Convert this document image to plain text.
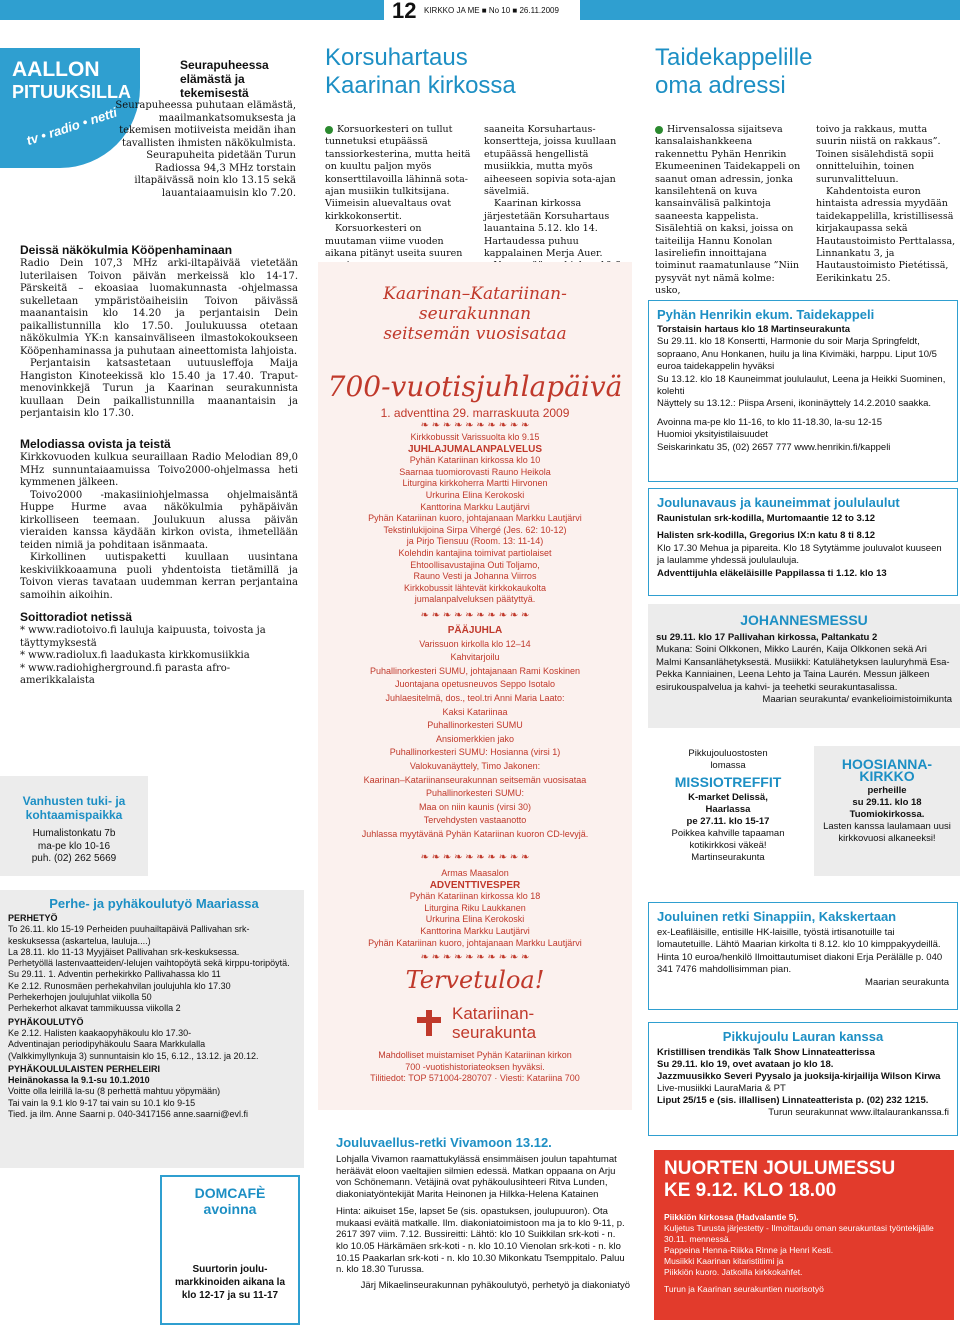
12 KIRKKO JA ME ■ No 10 ■ 26.11.2009
AALLON
PITUUKSILLA
tv • radio • netti
Seurapuheessa elämästä ja tekemisestä
Seurapuheessa puhutaan elämästä, maailmankatsomuksesta ja tekemisen motiiveista meidän ihan tavallisten ihmisten näkökulmista. Seurapuheita pidetään Turun Radiossa 94,3 MHz torstain iltapäivässä noin klo 13.15 sekä lauantaiaamuisin klo 7.20.
Deissä näkökulmia Kööpenhaminaan

Radio Dein 107,3 MHz arki-iltapäivää vietetään luterilaisen Toivon päivän merkeissä klo 14-17. Pärskeitä – ekoasiaa luomakunnasta -ohjelmassa sukelletaan ympäristöaiheisiin Toivon päivässä maanantaisin klo 14.20 ja perjantaisin Dein paikallistunnilla klo 17.50. Joulukuussa otetaan näkökulmia YK:n kansainväliseen ilmastokokoukseen Kööpenhaminassa ja puhutaan aineettomista lahjoista.

Perjantaisin katsastetaan uutuusleffoja Maija Hangiston Kinoteekissä klo 15.40 ja 17.40. Traput-menovinkkejä Turun ja Kaarinan seurakunnista kuullaan Dein paikallistunnilla maanantaisin ja perjantaisin klo 17.30.

Melodiassa ovista ja teistä

Kirkkovuoden kulkua seuraillaan Radio Melodian 89,0 MHz sunnuntaiaamuissa Toivo2000-ohjelmassa heti kymmenen jälkeen.

Toivo2000 -makasiiniohjelmassa ohjelmaisäntä Huppe Hurme avaa näkökulmia pyhäpäivän kirkolliseen teemaan. Joulukuun alussa päivän vieraiden kanssa käydään kirkon ovista, ihmetellään teiden nimiä ja pohditaan isänmaata.

Kirkollinen uutispaketti kuullaan uusintana keskiviikkoaamuna puoli yhdentoista tietämillä ja Toivon vieras tavataan uudemman kerran perjantaina samoihin aikoihin.

Soittoradiot netissä

* www.radiotoivo.fi lauluja kaipuusta, toivosta ja täyttymyksestä

* www.radiolux.fi laadukasta kirkkomusiikkia

* www.radiohigherground.fi parasta afro-amerikkalaista

Vanhusten tuki- ja
kohtaamispaikka
Humalistonkatu 7b
ma-pe klo 10-16
puh. (02) 262 5669
Perhe- ja pyhäkoulutyö Maariassa
PERHETYÖ
To 26.11. klo 15-19 Perheiden puuhailtapäivä Pallivahan srk-keskuksessa (askartelua, lauluja....)
La 28.11. klo 11-13 Myyjäiset Pallivahan srk-keskuksessa.
Perhetyöllä lastenvaatteiden/-lelujen vaihtopöytä sekä kirppu-toripöytä.
Su 29.11. 1. Adventin perhekirkko Pallivahassa klo 11
Ke 2.12. Runosmäen perhekahvilan joulujuhla klo 17.30
Perhekerhojen joulujuhlat viikolla 50
Perhekerhot alkavat tammikuussa viikolla 2
PYHÄKOULUTYÖ
Ke 2.12. Halisten kaakaopyhäkoulu klo 17.30-
Adventinajan periodipyhäkoulu Saara Markkulalla
(Valkkimyllynkuja 3) sunnuntaisin klo 15, 6.12., 13.12. ja 20.12.
PYHÄKOULULAISTEN PERHELEIRI
Heinänokassa la 9.1-su 10.1.2010
Voitte olla leirillä la-su (8 perhettä mahtuu yöpymään)
Tai vain la 9.1 klo 9-17 tai vain su 10.1 klo 9-15
Tied. ja ilm. Anne Saarni p. 040-3417156 anne.saarni@evl.fi
DOMCAFÈ
avoinna
Suurtorin joulu-markkinoiden aikana la klo 12-17 ja su 11-17
Korsuhartaus
Kaarinan kirkossa

Korsuorkesteri on tullut tunnetuksi etupäässä tanssiorkesterina, mutta heitä on kuultu paljon myös konserttilavoilla lähinnä sota-ajan musiikin tulkitsijana. Viimeisin aluevaltaus ovat kirkkokonsertit.

Korsuorkesteri on muutaman viime vuoden aikana pitänyt useita suuren

saaneita Korsuhartaus-konsertteja, joissa kuullaan etupäässä hengellistä musiikkia, mutta myös aiheeseen sopivia sota-ajan sävelmiä.

Kaarinan kirkossa järjestetään Korsuhartaus lauantaina 5.12. klo 14. Hartaudessa puhuu kappalainen Merja Auer.

Kaarinan–Katariinan-
seurakunnan
seitsemän vuosisataa
700-vuotisjuhlapäivä
1. adventtina 29. marraskuuta 2009
❧ ❧ ❧ ❧ ❧ ❧ ❧ ❧ ❧ ❧
Kirkkobussit Varissuolta klo 9.15
JUHLAJUMALANPALVELUS
Pyhän Katariinan kirkossa klo 10
Saarnaa tuomiorovasti Rauno Heikola
Liturgina kirkkoherra Martti Hirvonen
Urkurina Elina Kerokoski
Kanttorina Markku Lautjärvi
Pyhän Katariinan kuoro, johtajanaan Markku Lautjärvi
Tekstinlukijoina Sirpa Vihergé (Jes. 62: 10-12)
ja Pirjo Tiensuu (Room. 13: 11-14)
Kolehdin kantajina toimivat partiolaiset
Ehtoollisavustajina Outi Toljamo,
Rauno Vesti ja Johanna Viirros
Kirkkobussit lähtevät kirkkokaukolta
jumalanpalveluksen päätyttyä.
❧ ❧ ❧ ❧ ❧ ❧ ❧ ❧ ❧ ❧
PÄÄJUHLA
Varissuon kirkolla klo 12–14
Kahvitarjoilu
Puhallinorkesteri SUMU, johtajanaan Rami Koskinen
Juontajana opetusneuvos Seppo Isotalo
Juhlaesitelmä, dos., teol.tri Anni Maria Laato:
Kaksi Katariinaa
Puhallinorkesteri SUMU
Ansiomerkkien jako
Puhallinorkesteri SUMU: Hosianna (virsi 1)
Valokuvanäyttely, Timo Jakonen:
Kaarinan–Katariinanseurakunnan seitsemän vuosisataa
Puhallinorkesteri SUMU:
Maa on niin kaunis (virsi 30)
Tervehdysten vastaanotto
Juhlassa myytävänä Pyhän Katariinan kuoron CD-levyjä.
❧ ❧ ❧ ❧ ❧ ❧ ❧ ❧ ❧ ❧
Armas Maasalon
ADVENTTIVESPER
Pyhän Katariinan kirkossa klo 18
Liturgina Riku Laukkanen
Urkurina Elina Kerokoski
Kanttorina Markku Lautjärvi
Pyhän Katariinan kuoro, johtajanaan Markku Lautjärvi
❧ ❧ ❧ ❧ ❧ ❧ ❧ ❧ ❧ ❧
Tervetuloa!
Katariinan-
seurakunta
Mahdolliset muistamiset Pyhän Katariinan kirkon
700 -vuotishistoriateoksen hyväksi.
Tilitiedot: TOP 571004-280707 · Viesti: Katariina 700
Jouluvaellus-retki Vivamoon 13.12.

Lohjalla Vivamon raamattukylässä ensimmäisen joulun tapahtumat heräävät eloon vaeltajien silmien edessä. Matkan oppaana on Arju von Schönemann. Vetäjinä ovat pyhäkoulusihteeri Ritva Lunden, diakoniatyöntekijät Marita Heinonen ja Hilkka-Helena Katainen

Hinta: aikuiset 15e, lapset 5e (sis. opastuksen, joulupuuron). Ota mukaasi eväitä matkalle. Ilm. diakoniatoimistoon ma ja to klo 9-11, p. 2617 397 viim. 7.12. Bussireitti: Lähtö: klo 10 Suikkilan srk-koti - n. klo 10.05 Härkämäen srk-koti - n. klo 10.10 Vienolan srk-koti - n. klo 10.15 Paakarlan srk-koti - n. klo 10.30 Mikonkatu Tsemppitalo. Paluu n. klo 18.30 Turussa.

Järj Mikaelinseurakunnan pyhäkoulutyö, perhetyö ja diakoniatyö

Taidekappelille
oma adressi

Hirvensalossa sijaitseva kansalaishankkeena rakennettu Pyhän Henrikin Ekumeeninen Taidekappeli on saanut oman adressin, jonka kansilehtenä on kuva kansainvälisä palkintoja saaneesta kappelista. Sisälehtiä on kaksi, joissa on taiteilija Hannu Konolan lasireliefin innoittajana toiminut raamatunlause ”Niin pysyvät nyt nämä kolme: usko,

toivo ja rakkaus, mutta suurin niistä on rakkaus”. Toinen sisälehdistä sopii onnitteluihin, toinen surunvalitteluun.

Kahdentoista euron hintaista adressia myydään taidekappelilla, kristillisessä kirjakaupassa sekä Hautaustoimisto Perttalassa, Linnankatu 3, ja Hautaustoimisto Pietétissä, Eerikinkatu 25.

Pyhän Henrikin ekum. Taidekappeli
Torstaisin hartaus klo 18 Martinseurakunta
Su 29.11. klo 18 Konsertti, Harmonie du soir Marja Springfeldt, sopraano, Anu Honkanen, huilu ja lina Kivimäki, harppu. Liput 10/5 euroa taidekappelin hyväksi
Su 13.12. klo 18 Kauneimmat joululaulut, Leena ja Heikki Suominen, kolehti
Näyttely su 13.12.: Piispa Arseni, ikoninäyttely 14.2.2010 saakka.
Avoinna ma-pe klo 11-16, to klo 11-18.30, la-su 12-15
Huomioi yksityistilaisuudet
Seiskarinkatu 35, (02) 2657 777 www.henrikin.fi/kappeli
Joulunavaus ja kauneimmat joululaulut
Raunistulan srk-kodilla, Murtomaantie 12 to 3.12
Halisten srk-kodilla, Gregorius IX:n katu 8 ti 8.12
Klo 17.30 Mehua ja pipareita. Klo 18 Sytytämme jouluvalot kuuseen ja laulamme yhdessä joululauluja.
Adventtijuhla eläkeläisille Pappilassa ti 1.12. klo 13
JOHANNESMESSU
su 29.11. klo 17 Pallivahan kirkossa, Paltankatu 2
Mukana: Soini Olkkonen, Mikko Laurén, Kaija Olkkonen sekä Ari Malmi Kansanlähetyksestä. Musiikki: Katulähetyksen lauluryhmä Esa-Pekka Kanniainen, Leena Lehto ja Taina Laurén. Messun jälkeen esirukouspalvelua ja kahvi- ja teehetki seurakuntasalissa.
Maarian seurakunta/ evankelioimistoimikunta
Pikkujouluostosten
lomassa
MISSIOTREFFIT
K-market Delissä,
Haarlassa
pe 27.11. klo 15-17
Poikkea kahville tapaaman kotikirkkosi väkeä!
Martinseurakunta
HOOSIANNA-
KIRKKO
perheille
su 29.11. klo 18
Tuomiokirkossa.
Lasten kanssa laulamaan uusi kirkkovuosi alkaneeksi!
Jouluinen retki Sinappiin, Kakskertaan
ex-Leafiläisille, entisille HK-laisille, työstä irtisanotuille tai lomautetuille. Lähtö Maarian kirkolta ti 8.12. klo 10 kimppakyydeillä. Hinta 10 euroa/henkilö Ilmoittautumiset diakoni Erja Perälälle p. 040 341 7476 mahdollisimman pian.
Maarian seurakunta
Pikkujoulu Lauran kanssa
Kristillisen trendikäs Talk Show Linnateatterissa
Su 29.11. klo 19, ovet avataan jo klo 18.
Jazzmuusikko Severi Pyysalo ja juoksija-kirjailija Wilson Kirwa
Live-musiikki LauraMaria & PT
Liput 25/15 e (sis. illallisen) Linnateatterista p. (02) 232 1215.
Turun seurakunnat www.iltalaurankanssa.fi
NUORTEN JOULUMESSU
KE 9.12. KLO 18.00
Piikkiön kirkossa (Hadvalantie 5).
Kuljetus Turusta järjestetty - Ilmoittaudu oman seurakuntasi työntekijälle 30.11. mennessä.
Pappeina Henna-Riikka Rinne ja Henri Kesti.
Musiikki Kaarinan kitaristitiimi ja
Piikkiön kuoro. Jatkoilla kirkkokahfet.
Turun ja Kaarinan seurakuntien nuorisotyö
